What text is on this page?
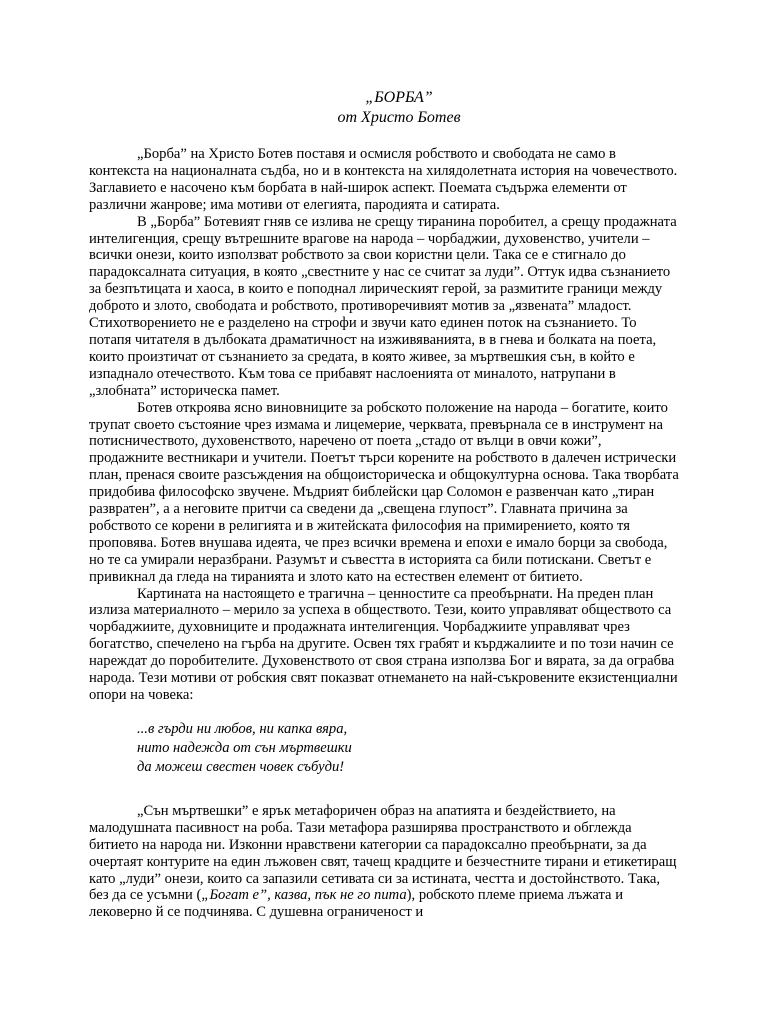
„БОРБА”
от Христо Ботев

„Борба” на Христо Ботев поставя и осмисля робството и свободата не само в контекста на националната съдба, но и в контекста на хилядолетната история на човечеството. Заглавието е насочено към борбата в най-широк аспект. Поемата съдържа елементи от различни жанрове; има мотиви от елегията, пародията и сатирата.

В „Борба” Ботевият гняв се излива не срещу тиранина поробител, а срещу продажната интелигенция, срещу вътрешните врагове на народа – чорбаджии, духовенство, учители – всички онези, които използват робството за свои користни цели. Така се е стигнало до парадоксалната ситуация, в която „свестните у нас се считат за луди”. Оттук идва съзнанието за безпътицата и хаоса, в които е поподнал лирическият герой, за размитите граници между доброто и злото, свободата и робството, противоречивият мотив за „язвената” младост. Стихотворението не е разделено на строфи и звучи като единен поток на съзнанието. То потапя читателя в дълбоката драматичност на изживяванията, в в гнева и болката на поета, които произтичат от съзнанието за средата, в която живее, за мъртвешкия сън, в който е изпаднало отечеството. Към това се прибавят наслоенията от миналото, натрупани в „злобната” историческа памет.

Ботев откроява ясно виновниците за робското положение на народа – богатите, които трупат своето състояние чрез измама и лицемерие, черквата, превърнала се в инструмент на потисничеството, духовенството, наречено от поета „стадо от вълци в овчи кожи”, продажните вестникари и учители. Поетът търси корените на робството в далечен истрически план, пренася своите разсъждения на общоисторическа и общокултурна основа. Така творбата придобива философско звучене. Мъдрият библейски цар Соломон е развенчан като „тиран развратен”, а а неговите притчи са сведени да „свещена глупост”. Главната причина за робството се корени в религията и в житейската философия на примирението, която тя проповява. Ботев внушава идеята, че през всички времена и епохи е имало борци за свобода, но те са умирали неразбрани. Разумът и съвестта в историята са били потискани. Светът е привикнал да гледа на тиранията и злото като на естествен елемент от битието.

Картината на настоящето е трагична – ценностите са преобърнати. На преден план излиза материалното – мерило за успеха в обществото. Тези, които управляват обществото са чорбаджиите, духовниците и продажната интелигенция. Чорбаджиите управляват чрез богатство, спечелено на гърба на другите. Освен тях грабят и кърджалиите и по този начин се нареждат до поробителите. Духовенството от своя страна използва Бог и вярата, за да ограбва народа. Тези мотиви от робския свят показват отнемането на най-съкровените екзистенциални опори на човека:

...в гърди ни любов, ни капка вяра,
нито надежда от сън мъртвешки
да можеш свестен човек събуди!

„Сън мъртвешки” е ярък метафоричен образ на апатията и бездействието, на малодушната пасивност на роба. Тази метафора разширява пространството и обглежда битието на народа ни. Изконни нравствени категории са парадоксално преобърнати, за да очертаят контурите на един лъжовен свят, тачещ крадците и безчестните тирани и етикетиращ като „луди” онези, които са запазили сетивата си за истината, честта и достойнството. Така, без да се усъмни („Богат е”, казва, пък не го пита), робското племе приема лъжата и лековерно й се подчинява. С душевна ограниченост и
